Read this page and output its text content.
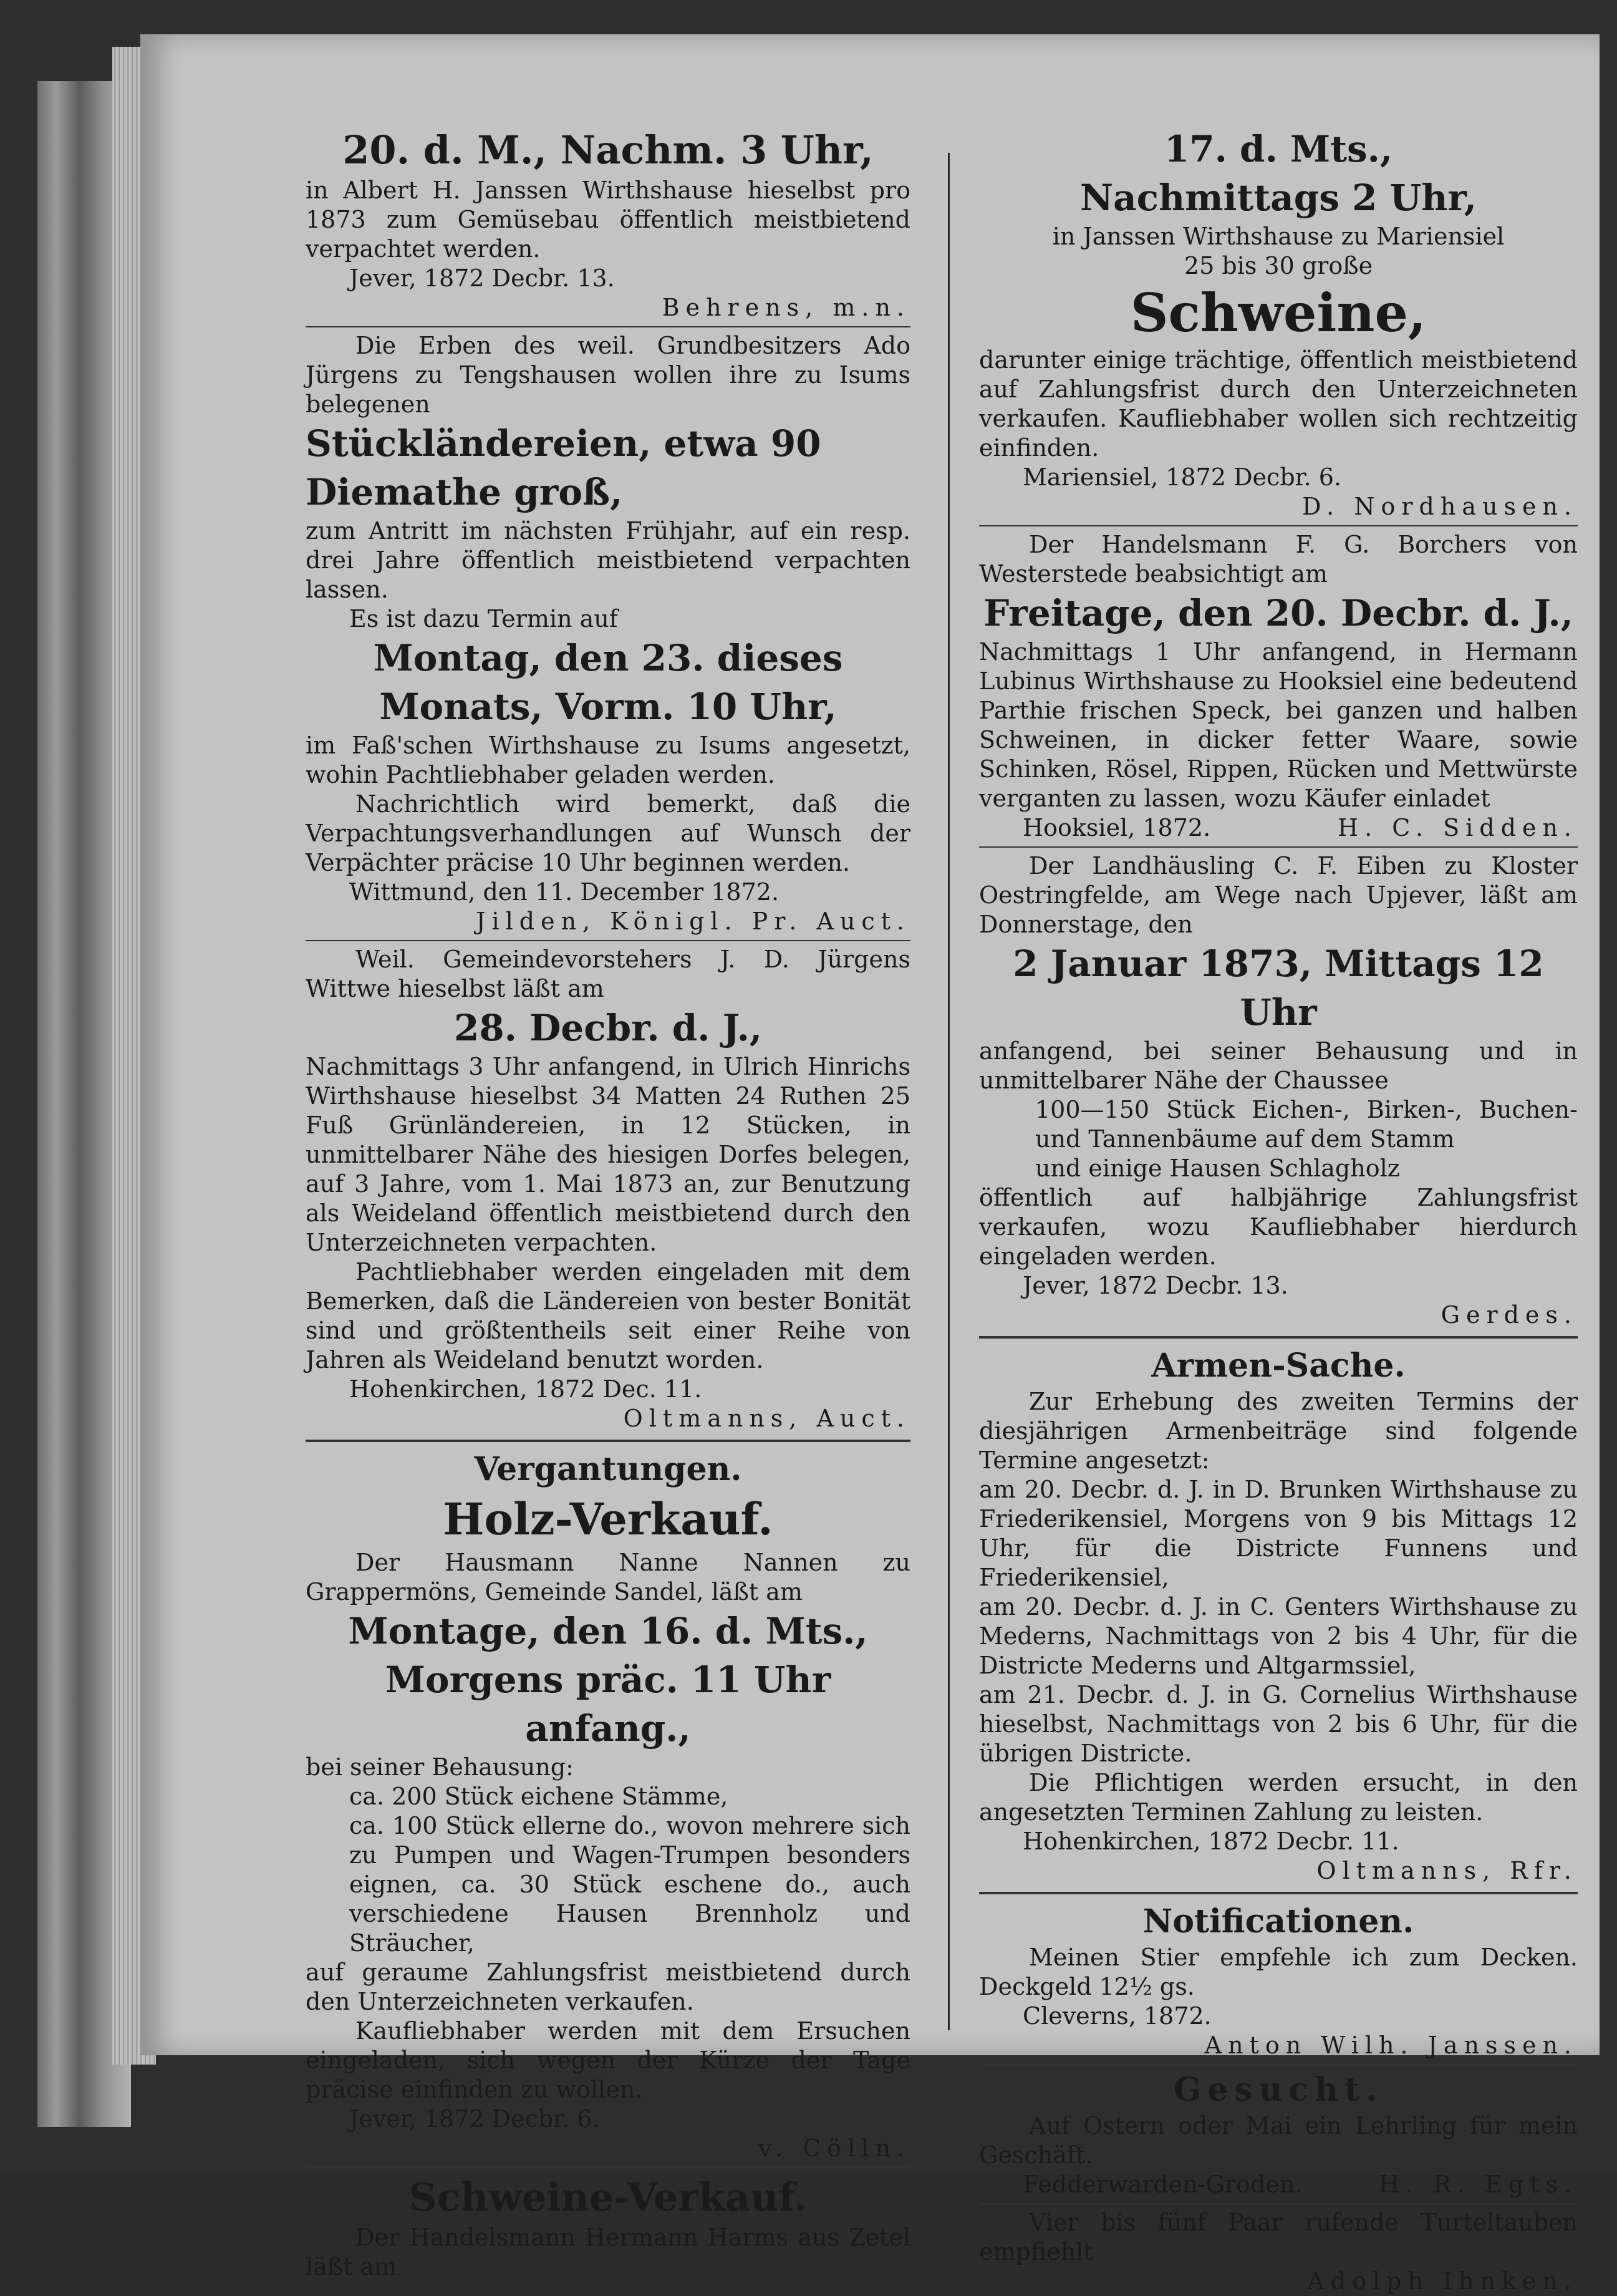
20. d. M., Nachm. 3 Uhr,

in Albert H. Janssen Wirthshause hieselbst pro 1873 zum Gemüsebau öffentlich meistbietend verpachtet werden.

Jever, 1872 Decbr. 13.

Behrens, m.n.

Die Erben des weil. Grundbesitzers Ado Jürgens zu Tengshausen wollen ihre zu Isums belegenen

Stückländereien, etwa 90 Diemathe groß,

zum Antritt im nächsten Frühjahr, auf ein resp. drei Jahre öffentlich meistbietend verpachten lassen.

Es ist dazu Termin auf

Montag, den 23. dieses Monats, Vorm. 10 Uhr,

im Faß'schen Wirthshause zu Isums angesetzt, wohin Pachtliebhaber geladen werden.

Nachrichtlich wird bemerkt, daß die Verpachtungsverhandlungen auf Wunsch der Verpächter präcise 10 Uhr beginnen werden.

Wittmund, den 11. December 1872.

Jilden, Königl. Pr. Auct.

Weil. Gemeindevorstehers J. D. Jürgens Wittwe hieselbst läßt am

28. Decbr. d. J.,

Nachmittags 3 Uhr anfangend, in Ulrich Hinrichs Wirthshause hieselbst 34 Matten 24 Ruthen 25 Fuß Grünländereien, in 12 Stücken, in unmittelbarer Nähe des hiesigen Dorfes belegen, auf 3 Jahre, vom 1. Mai 1873 an, zur Benutzung als Weideland öffentlich meistbietend durch den Unterzeichneten verpachten.

Pachtliebhaber werden eingeladen mit dem Bemerken, daß die Ländereien von bester Bonität sind und größtentheils seit einer Reihe von Jahren als Weideland benutzt worden.

Hohenkirchen, 1872 Dec. 11.

Oltmanns, Auct.

Vergantungen.

Holz-Verkauf.

Der Hausmann Nanne Nannen zu Grappermöns, Gemeinde Sandel, läßt am

Montage, den 16. d. Mts.,

Morgens präc. 11 Uhr anfang.,

bei seiner Behausung:

ca. 200 Stück eichene Stämme,

ca. 100 Stück ellerne do., wovon mehrere sich zu Pumpen und Wagen-Trumpen besonders eignen, ca. 30 Stück eschene do., auch verschiedene Hausen Brennholz und Sträucher,

auf geraume Zahlungsfrist meistbietend durch den Unterzeichneten verkaufen.

Kaufliebhaber werden mit dem Ersuchen eingeladen, sich wegen der Kürze der Tage präcise einfinden zu wollen.

Jever, 1872 Decbr. 6.

v. Cölln.

Schweine-Verkauf.

Der Handelsmann Hermann Harms aus Zetel läßt am

17. d. Mts.,

Nachmittags 2 Uhr,

in Janssen Wirthshause zu Mariensiel

25 bis 30 große

Schweine,

darunter einige trächtige, öffentlich meistbietend auf Zahlungsfrist durch den Unterzeichneten verkaufen. Kaufliebhaber wollen sich rechtzeitig einfinden.

Mariensiel, 1872 Decbr. 6.

D. Nordhausen.

Der Handelsmann F. G. Borchers von Westerstede beabsichtigt am

Freitage, den 20. Decbr. d. J.,

Nachmittags 1 Uhr anfangend, in Hermann Lubinus Wirthshause zu Hooksiel eine bedeutend Parthie frischen Speck, bei ganzen und halben Schweinen, in dicker fetter Waare, sowie Schinken, Rösel, Rippen, Rücken und Mettwürste verganten zu lassen, wozu Käufer einladet

Hooksiel, 1872.	H. C. Sidden.

Der Landhäusling C. F. Eiben zu Kloster Oestringfelde, am Wege nach Upjever, läßt am Donnerstage, den

2 Januar 1873, Mittags 12 Uhr

anfangend, bei seiner Behausung und in unmittelbarer Nähe der Chaussee

100—150 Stück Eichen-, Birken-, Buchen- und Tannenbäume auf dem Stamm

und einige Hausen Schlagholz

öffentlich auf halbjährige Zahlungsfrist verkaufen, wozu Kaufliebhaber hierdurch eingeladen werden.

Jever, 1872 Decbr. 13.

Gerdes.

Armen-Sache.

Zur Erhebung des zweiten Termins der diesjährigen Armenbeiträge sind folgende Termine angesetzt:

am 20. Decbr. d. J. in D. Brunken Wirthshause zu Friederikensiel, Morgens von 9 bis Mittags 12 Uhr, für die Districte Funnens und Friederikensiel,

am 20. Decbr. d. J. in C. Genters Wirthshause zu Mederns, Nachmittags von 2 bis 4 Uhr, für die Districte Mederns und Altgarmssiel,

am 21. Decbr. d. J. in G. Cornelius Wirthshause hieselbst, Nachmittags von 2 bis 6 Uhr, für die übrigen Districte.

Die Pflichtigen werden ersucht, in den angesetzten Terminen Zahlung zu leisten.

Hohenkirchen, 1872 Decbr. 11.

Oltmanns, Rfr.

Notificationen.

Meinen Stier empfehle ich zum Decken. Deckgeld 12½ gs.

Cleverns, 1872.

Anton Wilh. Janssen.

Gesucht.

Auf Ostern oder Mai ein Lehrling für mein Geschäft.

Fedderwarden-Groden.	H. R. Egts.

Vier bis fünf Paar rufende Turteltauben empfiehlt

Adolph Ihnken.
